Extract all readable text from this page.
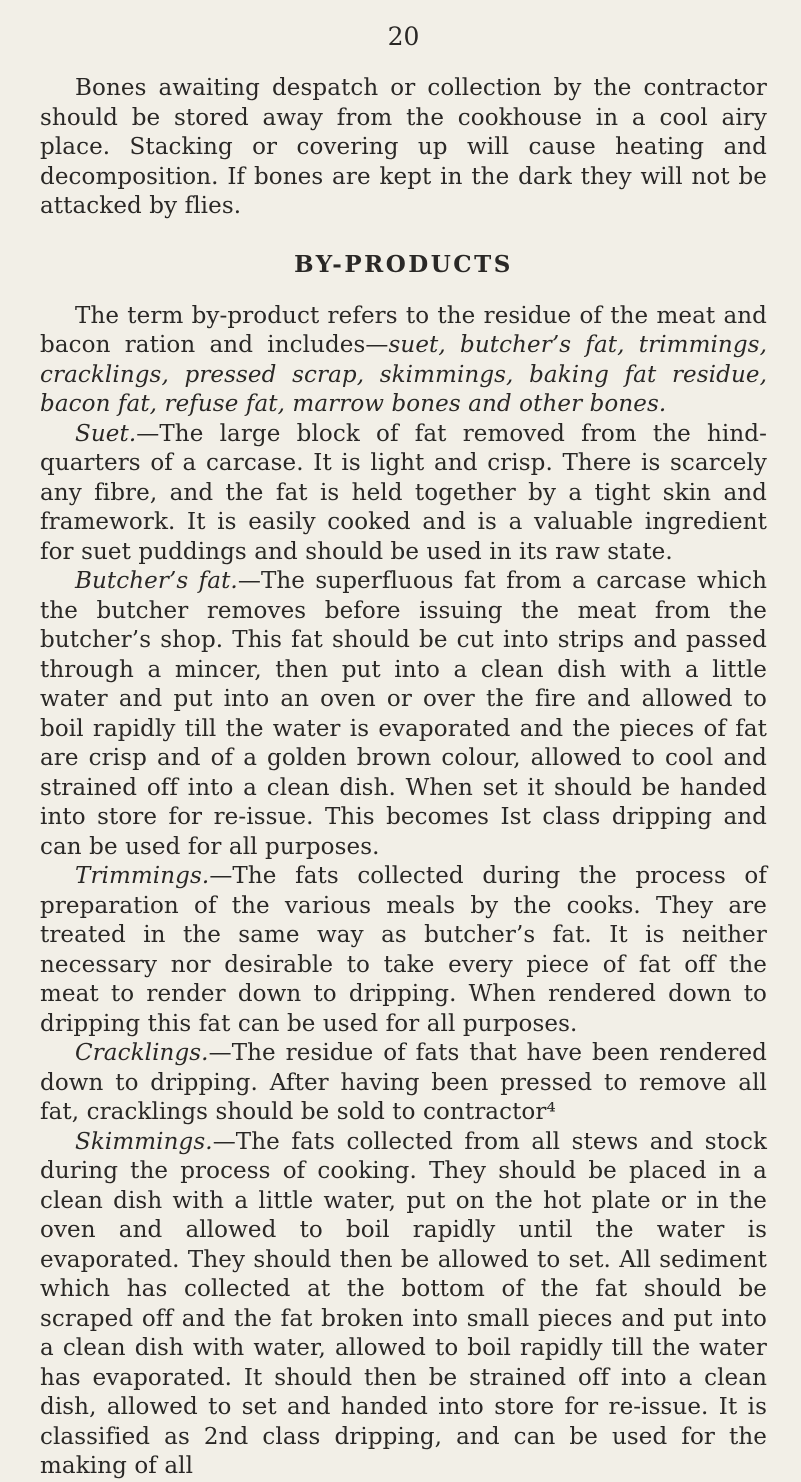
20

Bones awaiting despatch or collection by the contractor should be stored away from the cookhouse in a cool airy place. Stacking or covering up will cause heating and decomposition. If bones are kept in the dark they will not be attacked by flies.

BY-PRODUCTS

The term by-product refers to the residue of the meat and bacon ration and includes—suet, butcher’s fat, trimmings, cracklings, pressed scrap, skimmings, baking fat residue, bacon fat, refuse fat, marrow bones and other bones.

Suet.—The large block of fat removed from the hind-quarters of a carcase. It is light and crisp. There is scarcely any fibre, and the fat is held together by a tight skin and framework. It is easily cooked and is a valuable ingredient for suet puddings and should be used in its raw state.

Butcher’s fat.—The superfluous fat from a carcase which the butcher removes before issuing the meat from the butcher’s shop. This fat should be cut into strips and passed through a mincer, then put into a clean dish with a little water and put into an oven or over the fire and allowed to boil rapidly till the water is evaporated and the pieces of fat are crisp and of a golden brown colour, allowed to cool and strained off into a clean dish. When set it should be handed into store for re-issue. This becomes Ist class dripping and can be used for all purposes.

Trimmings.—The fats collected during the process of preparation of the various meals by the cooks. They are treated in the same way as butcher’s fat. It is neither necessary nor desirable to take every piece of fat off the meat to render down to dripping. When rendered down to dripping this fat can be used for all purposes.

Cracklings.—The residue of fats that have been rendered down to dripping. After having been pressed to remove all fat, cracklings should be sold to contractor⁴

Skimmings.—The fats collected from all stews and stock during the process of cooking. They should be placed in a clean dish with a little water, put on the hot plate or in the oven and allowed to boil rapidly until the water is evaporated. They should then be allowed to set. All sediment which has collected at the bottom of the fat should be scraped off and the fat broken into small pieces and put into a clean dish with water, allowed to boil rapidly till the water has evaporated. It should then be strained off into a clean dish, allowed to set and handed into store for re-issue. It is classified as 2nd class dripping, and can be used for the making of all
